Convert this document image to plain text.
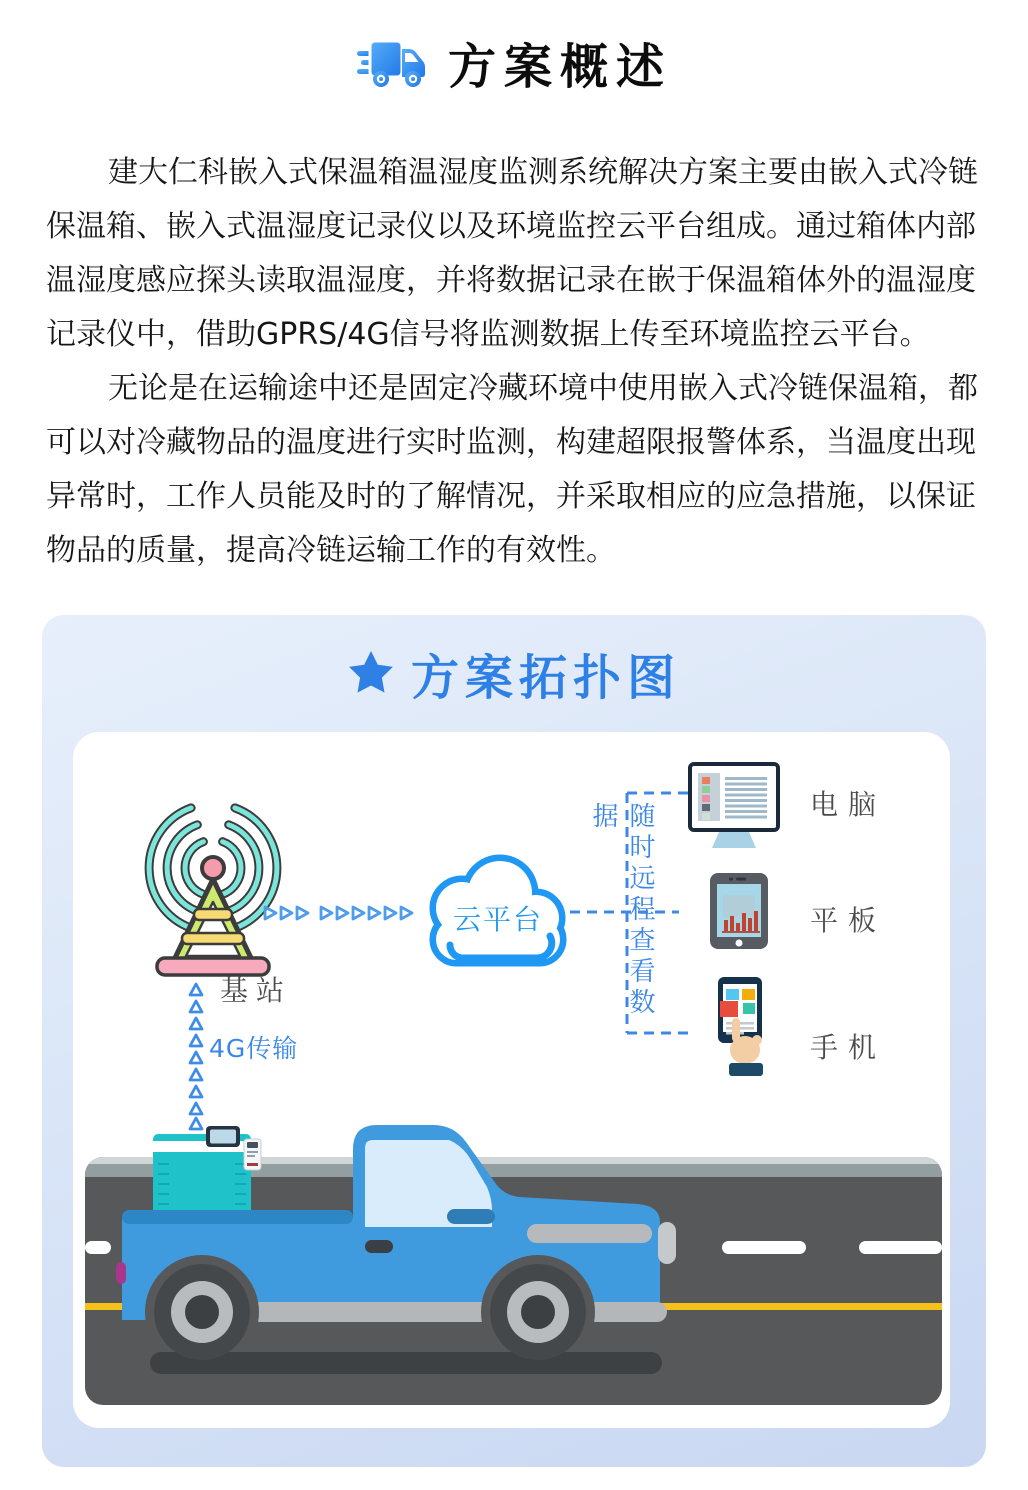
方案概述
建大仁科嵌入式保温箱温湿度监测系统解决方案主要由嵌入式冷链
保温箱、嵌入式温湿度记录仪以及环境监控云平台组成。通过箱体内部
温湿度感应探头读取温湿度，并将数据记录在嵌于保温箱体外的温湿度
记录仪中，借助GPRS/4G信号将监测数据上传至环境监控云平台。
无论是在运输途中还是固定冷藏环境中使用嵌入式冷链保温箱，都
可以对冷藏物品的温度进行实时监测，构建超限报警体系，当温度出现
异常时，工作人员能及时的了解情况，并采取相应的应急措施，以保证
物品的质量，提高冷链运输工作的有效性。
方案拓扑图
基站
4G传输
云平台	随时远程查看数据	电脑
平板
手机
